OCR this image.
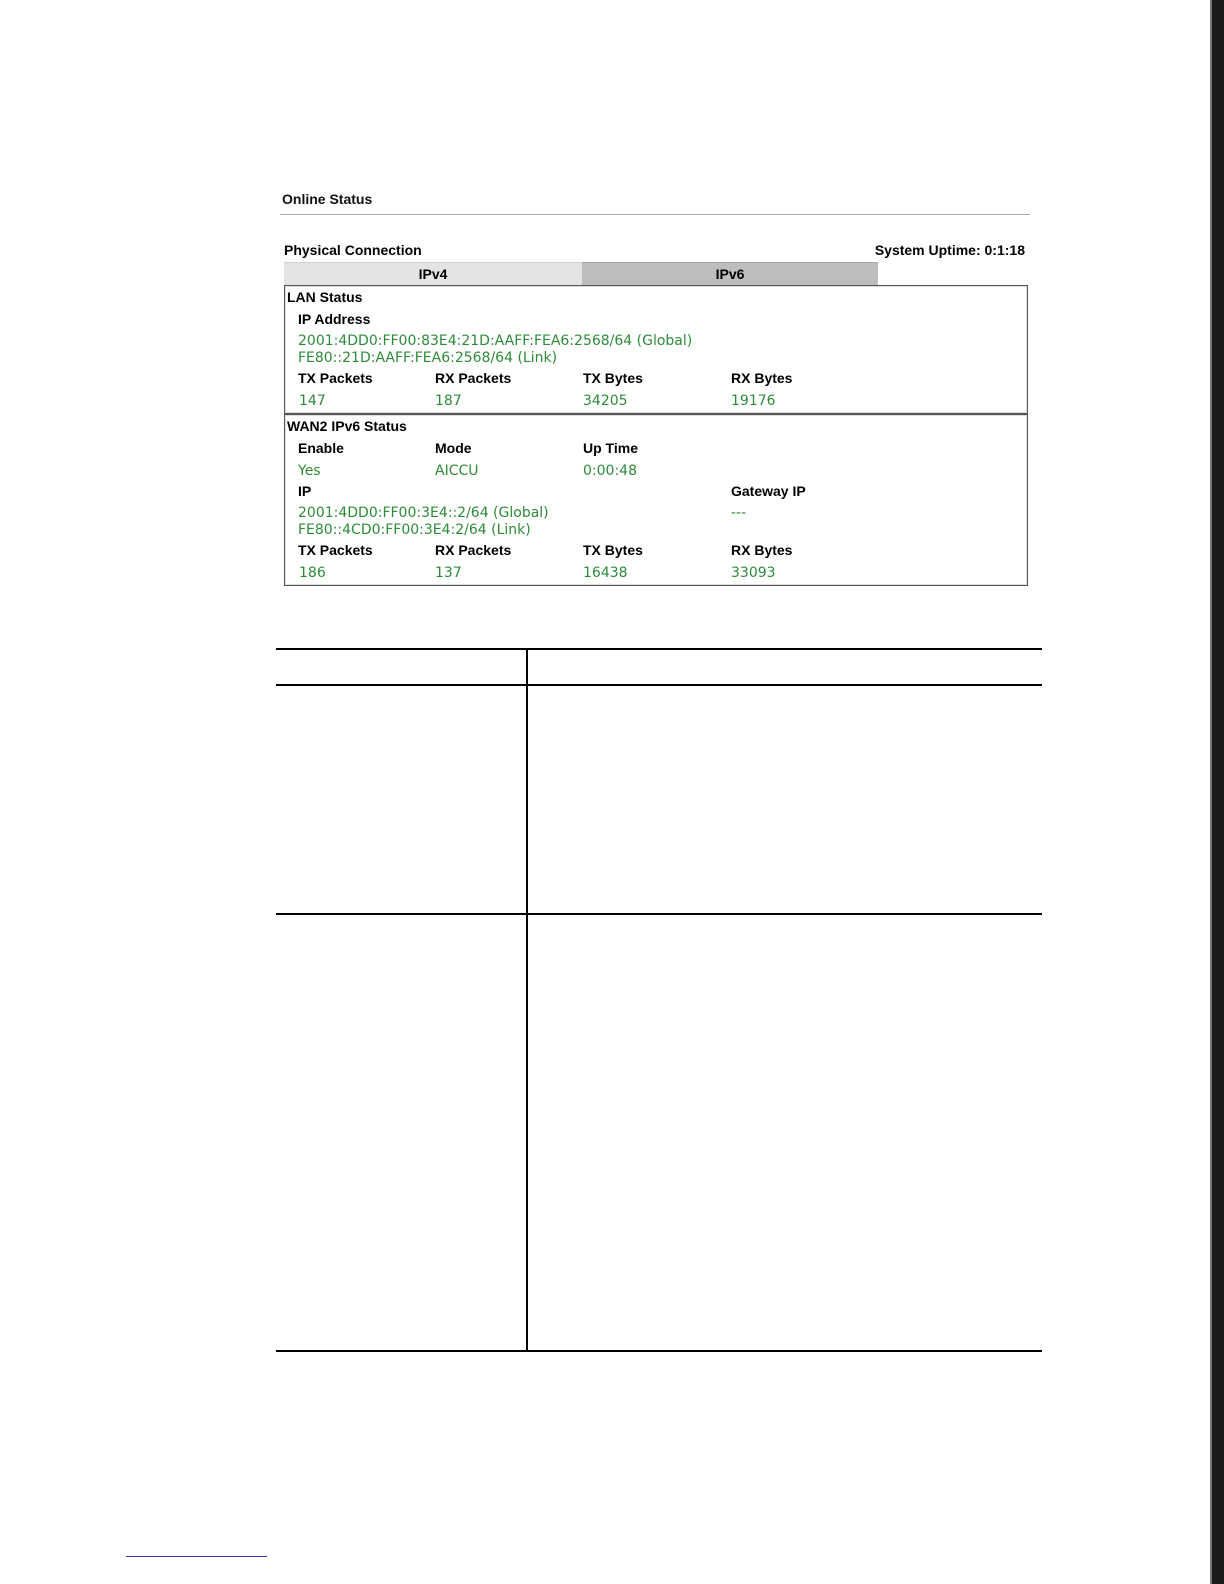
Online Status
Physical Connection	System Uptime: 0:1:18
IPv4	IPv6
LAN Status
IP Address
2001:4DD0:FF00:83E4:21D:AAFF:FEA6:2568/64 (Global)
FE80::21D:AAFF:FEA6:2568/64 (Link)
TX Packets	RX Packets	TX Bytes	RX Bytes
147	187	34205	19176
WAN2 IPv6 Status
Enable	Mode	Up Time
Yes	AICCU	0:00:48
IP	Gateway IP
2001:4DD0:FF00:3E4::2/64 (Global)
FE80::4CD0:FF00:3E4:2/64 (Link)
---
TX Packets	RX Packets	TX Bytes	RX Bytes
186	137	16438	33093
